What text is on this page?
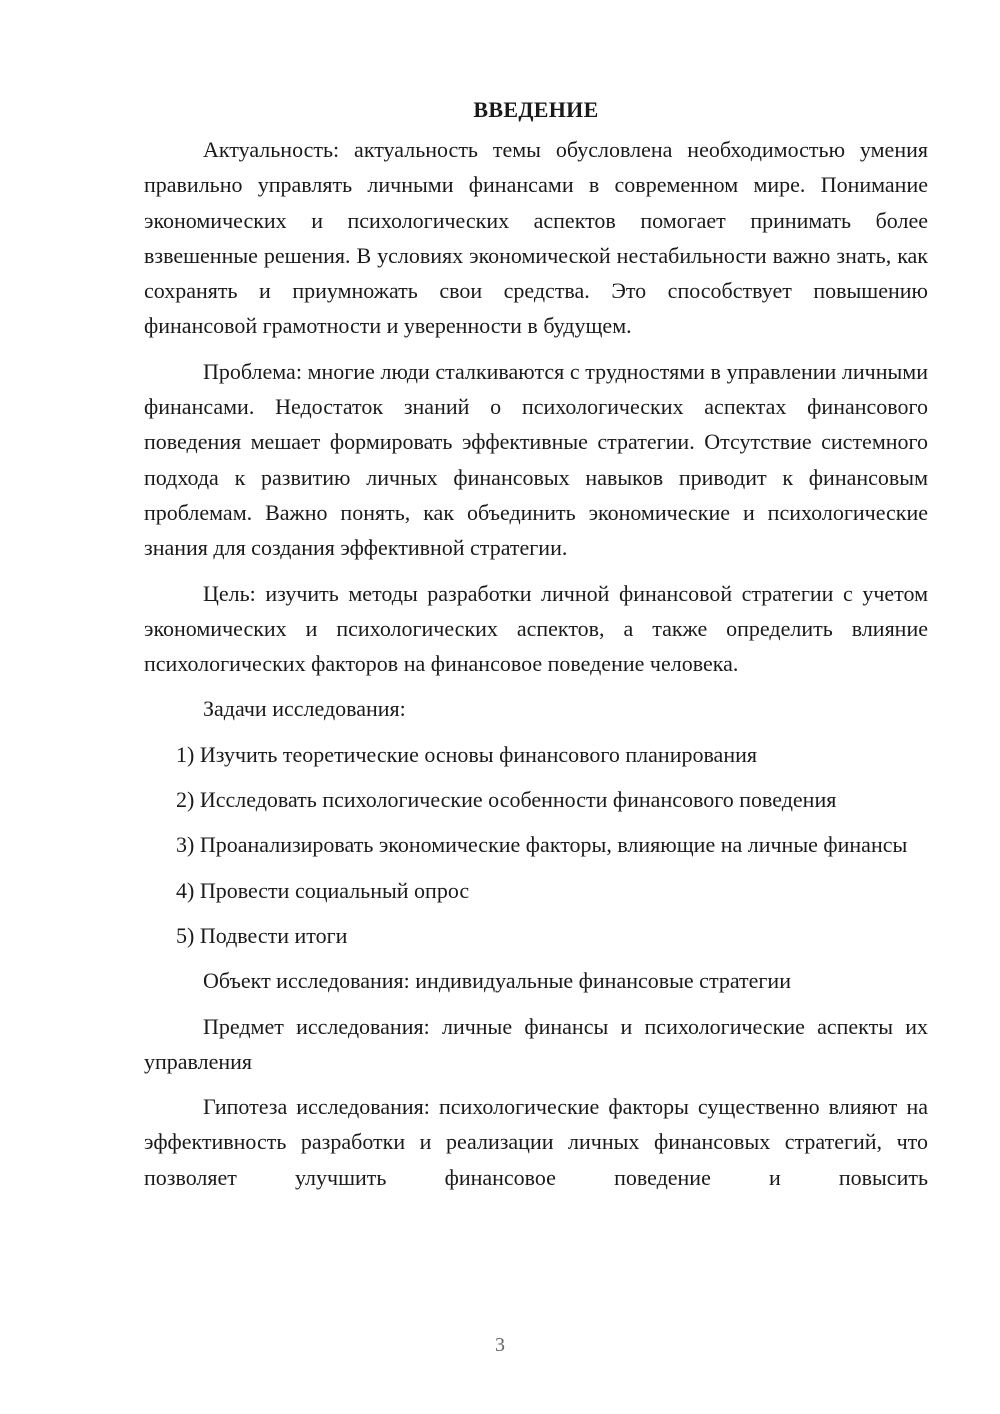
ВВЕДЕНИЕ

Актуальность: актуальность темы обусловлена необходимостью умения правильно управлять личными финансами в современном мире. Понимание экономических и психологических аспектов помогает принимать более взвешенные решения. В условиях экономической нестабильности важно знать, как сохранять и приумножать свои средства. Это способствует повышению финансовой грамотности и уверенности в будущем.

Проблема: многие люди сталкиваются с трудностями в управлении личными финансами. Недостаток знаний о психологических аспектах финансового поведения мешает формировать эффективные стратегии. Отсутствие системного подхода к развитию личных финансовых навыков приводит к финансовым проблемам. Важно понять, как объединить экономические и психологические знания для создания эффективной стратегии.

Цель: изучить методы разработки личной финансовой стратегии с учетом экономических и психологических аспектов, а также определить влияние психологических факторов на финансовое поведение человека.

Задачи исследования:

1) Изучить теоретические основы финансового планирования

2) Исследовать психологические особенности финансового поведения

3) Проанализировать экономические факторы, влияющие на личные финансы

4) Провести социальный опрос

5) Подвести итоги

Объект исследования: индивидуальные финансовые стратегии

Предмет исследования: личные финансы и психологические аспекты их управления

Гипотеза исследования: психологические факторы существенно влияют на эффективность разработки и реализации личных финансовых стратегий, что позволяет улучшить финансовое поведение и повысить

3
